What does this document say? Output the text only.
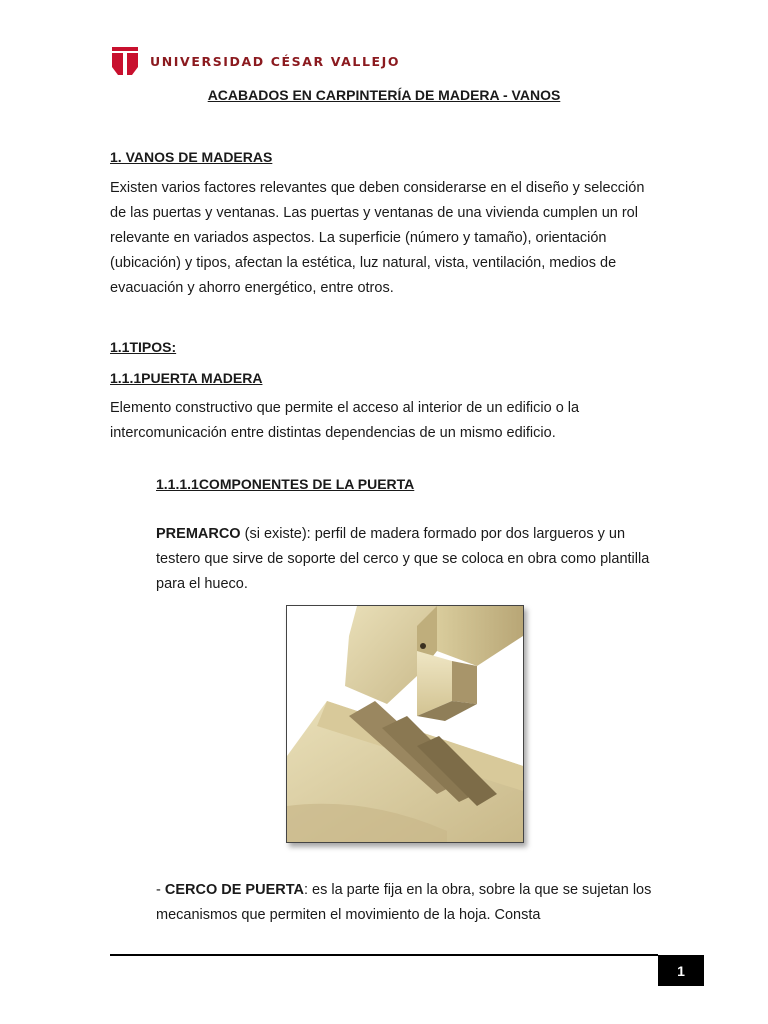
UNIVERSIDAD CÉSAR VALLEJO
ACABADOS EN CARPINTERÍA DE MADERA - VANOS
1. VANOS DE MADERAS
Existen varios factores relevantes que deben considerarse en el diseño y selección de las puertas y ventanas. Las puertas y ventanas de una vivienda cumplen un rol relevante en variados aspectos. La superficie (número y tamaño), orientación (ubicación) y tipos, afectan la estética, luz natural, vista, ventilación, medios de evacuación y ahorro energético, entre otros.
1.1TIPOS:
1.1.1PUERTA MADERA
Elemento constructivo que permite el acceso al interior de un edificio o la intercomunicación entre distintas dependencias de un mismo edificio.
1.1.1.1COMPONENTES DE LA PUERTA
PREMARCO (si existe): perfil de madera formado por dos largueros y un testero que sirve de soporte del cerco y que se coloca en obra como plantilla para el hueco.
- CERCO DE PUERTA: es la parte fija en la obra, sobre la que se sujetan los mecanismos que permiten el movimiento de la hoja. Consta
1
